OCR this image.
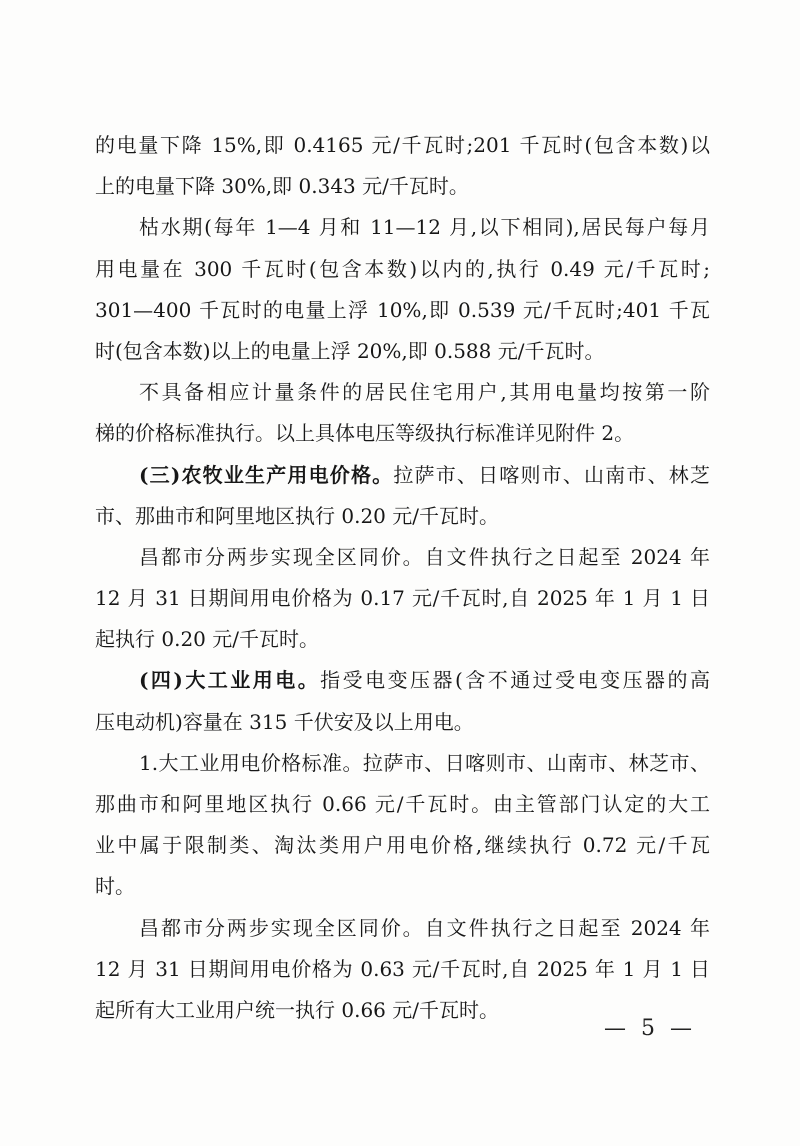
的电量下降 15%,即 0.4165 元/千瓦时;201 千瓦时(包含本数)以
上的电量下降 30%,即 0.343 元/千瓦时。
枯水期(每年 1—4 月和 11—12 月,以下相同),居民每户每月
用电量在 300 千瓦时(包含本数)以内的,执行 0.49 元/千瓦时;
301—400 千瓦时的电量上浮 10%,即 0.539 元/千瓦时;401 千瓦
时(包含本数)以上的电量上浮 20%,即 0.588 元/千瓦时。
不具备相应计量条件的居民住宅用户,其用电量均按第一阶
梯的价格标准执行。以上具体电压等级执行标准详见附件 2。
(三)农牧业生产用电价格。拉萨市、日喀则市、山南市、林芝
市、那曲市和阿里地区执行 0.20 元/千瓦时。
昌都市分两步实现全区同价。自文件执行之日起至 2024 年
12 月 31 日期间用电价格为 0.17 元/千瓦时,自 2025 年 1 月 1 日
起执行 0.20 元/千瓦时。
(四)大工业用电。指受电变压器(含不通过受电变压器的高
压电动机)容量在 315 千伏安及以上用电。
1.大工业用电价格标准。拉萨市、日喀则市、山南市、林芝市、
那曲市和阿里地区执行 0.66 元/千瓦时。由主管部门认定的大工
业中属于限制类、淘汰类用户用电价格,继续执行 0.72 元/千瓦
时。
昌都市分两步实现全区同价。自文件执行之日起至 2024 年
12 月 31 日期间用电价格为 0.63 元/千瓦时,自 2025 年 1 月 1 日
起所有大工业用户统一执行 0.66 元/千瓦时。
— 5 —
